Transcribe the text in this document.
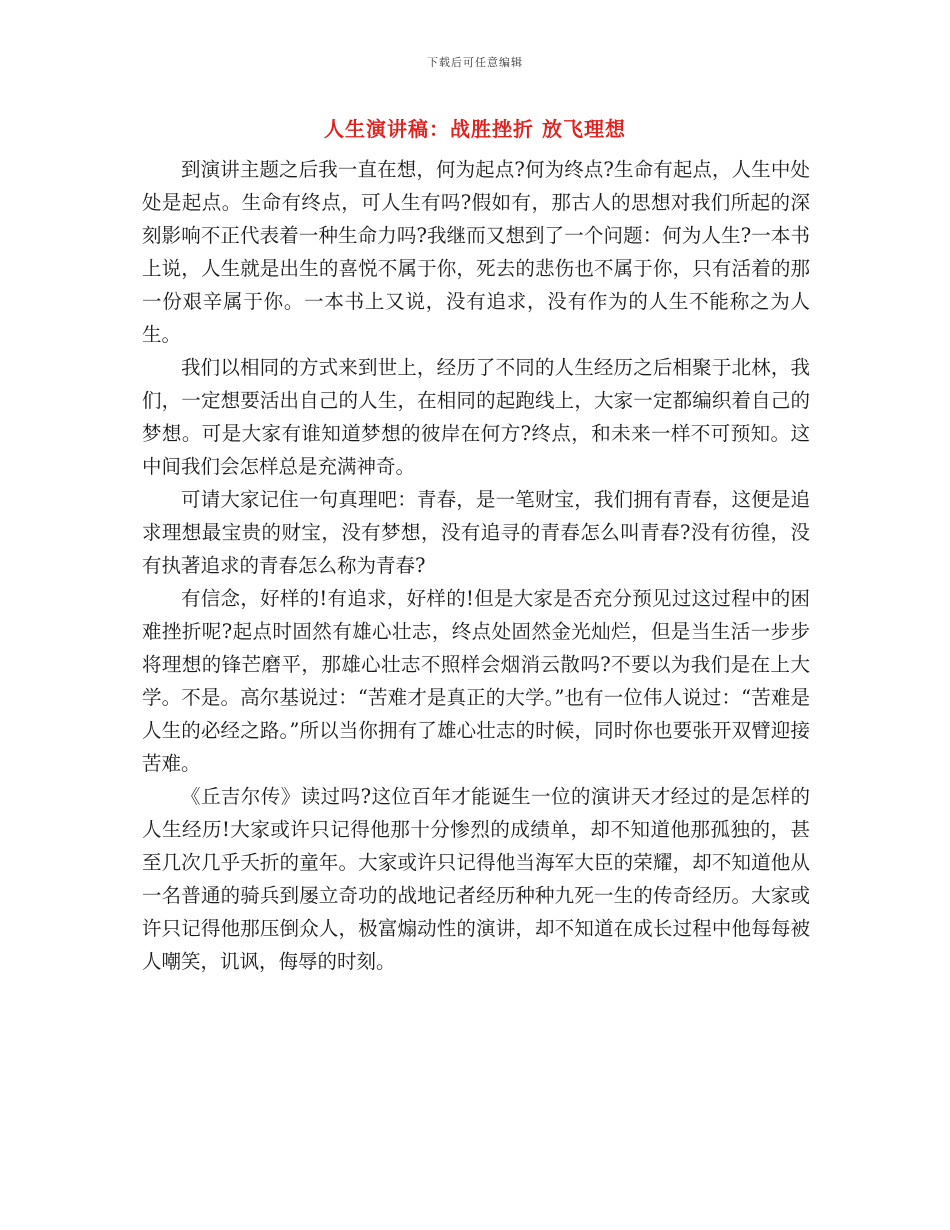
下载后可任意编辑
人生演讲稿：战胜挫折 放飞理想

到演讲主题之后我一直在想，何为起点?何为终点?生命有起点，人生中处处是起点。生命有终点，可人生有吗?假如有，那古人的思想对我们所起的深刻影响不正代表着一种生命力吗?我继而又想到了一个问题：何为人生?一本书上说，人生就是出生的喜悦不属于你，死去的悲伤也不属于你，只有活着的那一份艰辛属于你。一本书上又说，没有追求，没有作为的人生不能称之为人生。

我们以相同的方式来到世上，经历了不同的人生经历之后相聚于北林，我们，一定想要活出自己的人生，在相同的起跑线上，大家一定都编织着自己的梦想。可是大家有谁知道梦想的彼岸在何方?终点，和未来一样不可预知。这中间我们会怎样总是充满神奇。

可请大家记住一句真理吧：青春，是一笔财宝，我们拥有青春，这便是追求理想最宝贵的财宝，没有梦想，没有追寻的青春怎么叫青春?没有彷徨，没有执著追求的青春怎么称为青春?

有信念，好样的!有追求，好样的!但是大家是否充分预见过这过程中的困难挫折呢?起点时固然有雄心壮志，终点处固然金光灿烂，但是当生活一步步将理想的锋芒磨平，那雄心壮志不照样会烟消云散吗?不要以为我们是在上大学。不是。高尔基说过：“苦难才是真正的大学。”也有一位伟人说过：“苦难是人生的必经之路。”所以当你拥有了雄心壮志的时候，同时你也要张开双臂迎接苦难。

《丘吉尔传》读过吗?这位百年才能诞生一位的演讲天才经过的是怎样的人生经历!大家或许只记得他那十分惨烈的成绩单，却不知道他那孤独的，甚至几次几乎夭折的童年。大家或许只记得他当海军大臣的荣耀，却不知道他从一名普通的骑兵到屡立奇功的战地记者经历种种九死一生的传奇经历。大家或许只记得他那压倒众人，极富煽动性的演讲，却不知道在成长过程中他每每被人嘲笑，讥讽，侮辱的时刻。
